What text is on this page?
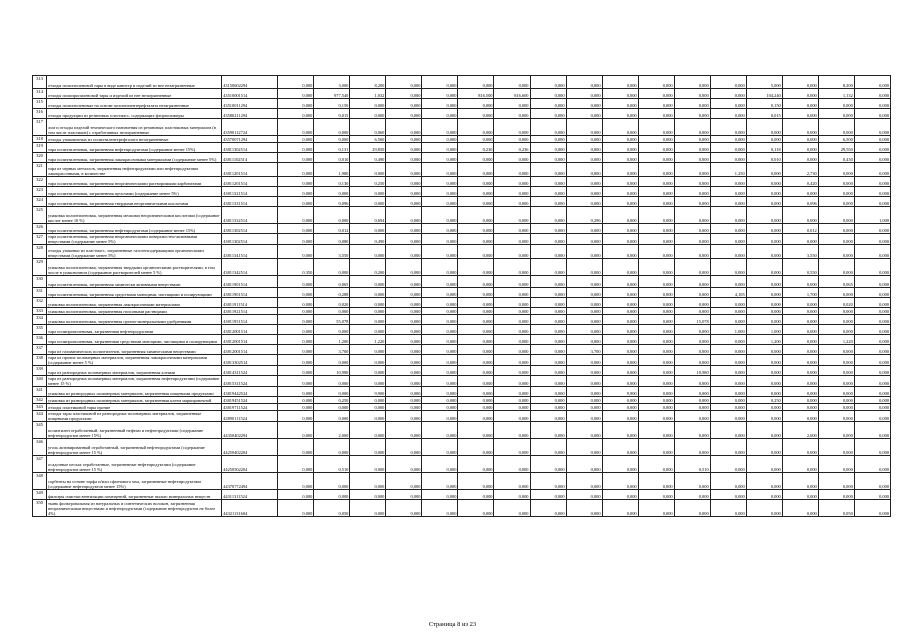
313	отходы полиэтиленовой тары в виде канистр и изделий из нее незагрязненные	43150602294	0,000	3,000	8,200	0,000	0,000	0,000	0,000	0,000	0,000	0,000	0,000	0,000	0,000	5,000	0,000	8,200	0,000
314	отходы полипропиленовой тары и изделий из нее незагрязненные	43510001514	0,000	977,540	1,032	0,000	0,000	816,500	816,600	0,000	0,000	0,000	0,000	0,000	0,000	104,240	0,000	1,132	0,000
315	отходы полиэтиленовые на основе полиэтилентерефталата незагрязненные	43510011294	0,000	0,150	0,000	0,000	0,000	0,000	0,000	0,000	0,000	0,000	0,000	0,000	0,000	0,150	0,000	0,000	0,000
316	отходы продукции из резиновых пластмасс, содержащих фторполимеры	43580211294	0,000	0,015	0,000	0,000	0,000	0,000	0,000	0,000	0,000	0,000	0,000	0,000	0,000	0,015	0,000	0,000	0,000
317	лом и отходы изделий технического назначения из резиновых пластиковых материалов (в том числе пластиков) с отработанных незагрязненные	43590112724	0,000	0,000	0,060	0,000	0,000	0,000	0,000	0,000	0,000	0,000	0,000	0,000	0,000	0,000	0,000	0,000	0,000
318	отходы упаковочных из полиэтилентерефталата незагрязненные	43570071294	0,000	0,000	6,500	0,000	0,000	0,000	0,000	0,000	0,000	0,000	0,000	0,000	0,000	0,000	0,000	6,500	0,000
319	тара полиэтиленовая, загрязненная нефтепродуктами (содержание менее 15%)	43811302514	0,000	0,131	29,850	0,000	0,000	0,230	0,236	0,000	0,000	0,000	0,000	0,000	0,000	0,118	0,000	29,550	0,000
320	тара полиэтиленовая, загрязненная лакокрасочными материалами (содержание менее 5%)	43811102514	0,000	0,010	0,490	0,000	0,000	0,000	0,000	0,000	0,000	0,000	0,000	0,000	0,000	0,010	0,000	0,430	0,000
321	тара из черных металлов, загрязненная нефтепродуктами или нефтепродуктами лакокрасочными, в количестве	43811201514	0,000	1,980	0,000	0,000	0,000	0,000	0,000	0,000	0,000	0,000	0,000	0,000	1,250	0,000	2,730	0,000	0,000
322	тара полиэтиленовая, загрязненная неорганическими растворимыми карбонатами	43811201514	0,000	0,130	0,250	0,000	0,000	0,000	0,000	0,000	0,000	0,000	0,000	0,000	0,000	0,000	0,420	0,000	0,000
323	тара полиэтиленовая, загрязненная щелочами (содержание менее 5%)	43811321514	0,000	0,000	0,000	0,000	0,000	0,000	0,000	0,000	0,000	0,000	0,000	0,000	0,000	0,000	0,000	0,000	0,000
324	тара полиэтиленовая, загрязненная твердыми неорганическими кислотами	43811331514	0,000	0,096	0,000	0,000	0,000	0,000	0,000	0,000	0,000	0,000	0,000	0,000	0,000	0,000	0,096	0,000	0,000
325	упаковка полиэтиленовая, загрязненная мелкими неорганическими кислотами (содержание кислот менее 10 %)	43811332514	0,000	0,000	0,694	0,000	0,000	0,000	0,000	0,000	0,296	0,000	0,000	0,000	0,000	0,000	0,000	0,000	1,000
326	тара полиэтиленовая, загрязненная нефтепродуктами (содержание менее 15%)	43811302514	0,000	0,012	0,000	0,000	0,000	0,000	0,000	0,000	0,000	0,000	0,000	0,000	0,000	0,000	0,012	0,000	0,000
327	тара полиэтиленовая, загрязненная неорганическими поверхностно-активными веществами (содержание менее 5%)	43811302514	0,000	0,080	0,490	0,000	0,000	0,000	0,000	0,000	0,000	0,000	0,000	0,000	0,000	0,000	0,000	0,000	0,000
328	отходы упаковки из пластмасс, загрязненные галогенсодержащими органическими веществами (содержание менее 5%)	43811341514	0,000	3,550	0,000	0,000	0,000	0,000	0,000	0,000	0,000	0,000	0,000	0,000	0,000	0,000	3,550	0,000	0,000
329	упаковка полиэтиленовая, загрязненная твердыми органическими растворителями, в том числе в упаковочном (содержание растворителей менее 5 %)	43811342514	0,350	0,000	0,200	0,000	0,000	0,000	0,000	0,000	0,000	0,000	0,000	0,000	0,000	0,000	0,550	0,000	0,000
330	тара полиэтиленовая, загрязненная химически активными веществами	43811901514	0,000	0,065	0,000	0,000	0,000	0,000	0,000	0,000	0,000	0,000	0,000	0,000	0,000	0,000	0,000	0,065	0,000
331	тара полиэтиленовая, загрязненная средствами моющими, чистящими и полирующими	43811901514	0,000	0,288	0,000	0,000	0,000	0,000	0,000	0,000	0,000	0,000	0,000	0,000	4,105	0,000	1,700	0,000	0,000
332	упаковка полиэтиленовая, загрязненная лакокрасочными материалами	43811911514	0,000	0,020	0,000	0,000	0,000	0,000	0,000	0,000	0,000	0,000	0,000	0,000	0,000	0,000	0,000	0,020	0,000
333	упаковка полиэтиленовая, загрязненная гипсовыми растворами	43811921514	0,000	0,000	0,000	0,000	0,000	0,000	0,000	0,000	0,000	0,000	0,000	0,000	0,000	0,000	0,000	0,000	0,000
334	упаковка полиэтиленовая, загрязненная органо-минеральными удобрениями	43811951514	0,000	55,078	0,000	0,000	0,000	0,000	0,000	0,000	0,000	0,000	0,000	15,078	0,000	0,000	0,000	0,000	0,000
335	тара полипропиленовая, загрязненная нефтепродуктами	43812001514	0,000	0,000	0,000	0,000	0,000	0,000	0,000	0,000	0,000	0,000	0,000	0,000	1,000	1,000	0,000	0,000	0,000
336	тара полипропиленовая, загрязненная средствами моющими, чистящими и полирующими	43812001514	0,000	1,200	1,220	0,000	0,000	0,000	0,000	0,000	0,000	0,000	0,000	0,000	0,000	1,200	0,000	1,220	0,000
337	тара из гальванических полиэтиленов, загрязненная химическими веществами	43812001514	0,000	3,700	0,000	0,000	0,000	0,000	0,000	0,000	3,700	0,000	0,000	0,000	0,000	0,000	0,000	0,000	0,000
338	тара из прочих полимерных материалов, загрязненная лакокрасочными материалами (содержание менее 5 %)	43813302514	0,000	0,000	0,000	0,000	0,000	0,000	0,000	0,000	0,000	0,000	0,000	0,000	0,000	0,000	0,000	0,000	0,000
339	тара из разнородных полимерных материалов, загрязненная клеями	43814311524	0,000	10,980	0,000	0,000	0,000	0,000	0,000	0,000	0,000	0,000	0,000	10,980	0,000	0,000	0,000	0,000	0,000
340	тара из разнородных полимерных материалов, загрязненная нефтепродуктами (содержание менее 15 %)	43815311524	0,000	0,000	0,000	0,000	0,000	0,000	0,000	0,000	0,000	0,000	0,000	0,000	0,000	0,000	0,000	0,000	0,000
341	упаковка из разнородных полимерных материалов, загрязненная пищевыми продуктами	43819442524	0,000	0,000	9,900	0,000	0,000	0,000	0,000	0,000	0,000	9,900	0,000	0,000	0,000	0,000	0,000	0,000	0,000
342	упаковка из разнородных полимерных материалов, загрязненная клеем маркировочной	43819451524	0,000	0,250	0,000	0,000	0,000	0,000	0,000	0,000	0,000	0,000	0,000	0,000	0,000	0,250	0,000	0,000	0,000
343	отходы пластиковой тары прочие	43819711524	0,000	0,000	0,000	0,000	0,000	0,000	0,000	0,000	0,000	0,000	0,000	0,000	0,000	0,000	0,000	0,000	0,000
344	отходы тары пластиковой из разнородных полимерных материалов, загрязненные пищевыми продуктами	43890111524	0,000	0,000	0,000	0,000	0,000	0,000	0,000	0,000	0,000	0,000	0,000	0,000	0,000	0,000	0,000	0,000	0,000
345	полиэтилен отработанный, загрязненный нефтью и нефтепродуктами (содержание нефтепродуктов менее 15%)	44350402294	0,000	2,000	0,000	0,000	0,000	0,000	0,000	0,000	0,000	0,000	0,000	0,000	0,000	0,000	2,000	0,000	0,000
346	уголь активированный отработанный, загрязненный нефтепродуктами (содержание нефтепродуктов менее 15 %)	44250402204	0,000	0,000	0,000	0,000	0,000	0,000	0,000	0,000	0,000	0,000	0,000	0,000	0,000	0,000	0,000	0,000	0,000
347	осадочные песках отработанные, загрязненные нефтепродуктами (содержание нефтепродуктов менее 15 %)	44250502204	0,000	0,510	0,000	0,000	0,000	0,000	0,000	0,000	0,000	0,000	0,000	0,510	0,000	0,000	0,000	0,000	0,000
348	сорбенты на основе торфа и/или сфагнового мха, загрязненные нефтепродуктами (содержание нефтепродуктов менее 15%)	44370772494	0,000	0,000	0,000	0,000	0,000	0,000	0,000	0,000	0,000	0,000	0,000	0,000	0,000	0,000	0,000	0,000	0,000
349	фильтры очистки вентиляции помещений, загрязненные пылью минеральных веществ	44311311524	0,000	0,000	0,000	0,000	0,000	0,000	0,000	0,000	0,000	0,000	0,000	0,000	0,000	0,000	0,000	0,000	0,000
350	ткань фильтровальная из натуральных и синтетических волокон, загрязненная неорганическими веществами и нефтепродуктами (содержание нефтепродуктов не более 4%)	44321131604	0,000	0,050	0,000	0,000	0,000	0,000	0,000	0,000	0,000	0,000	0,000	0,000	0,000	0,000	0,000	0,050	0,000
Страница 8 из 23
